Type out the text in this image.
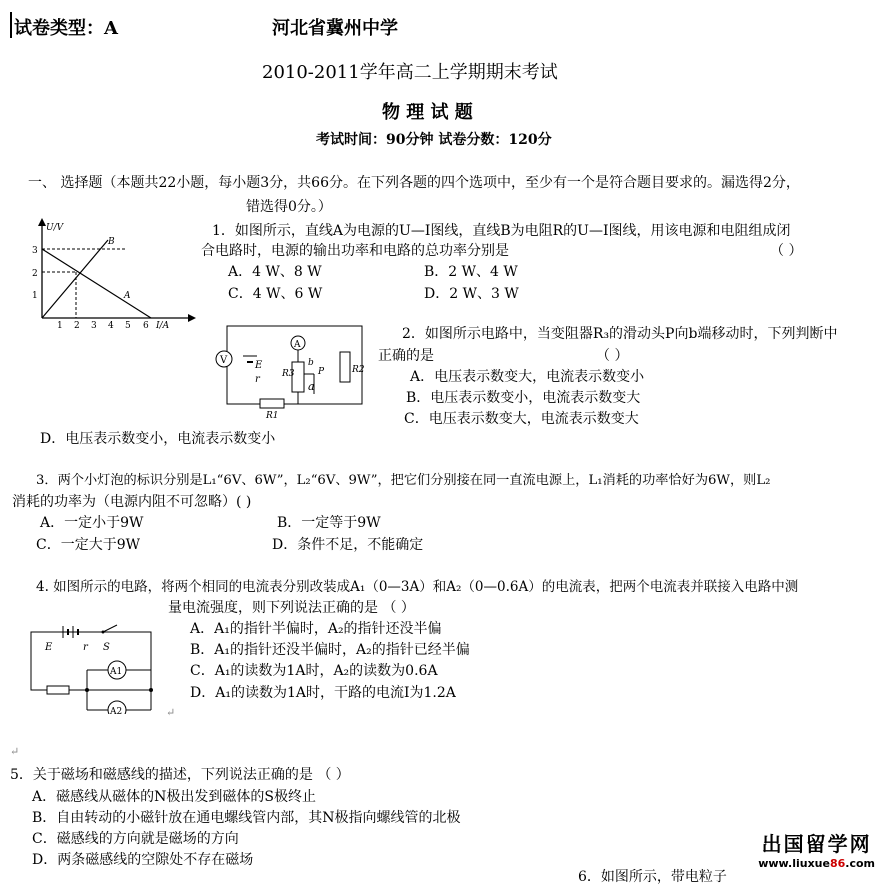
试卷类型：A	河北省冀州中学
2010-2011学年高二上学期期末考试
物 理 试 题
考试时间：90分钟 试卷分数：120分
一、 选择题（本题共22小题，每小题3分，共66分。在下列各题的四个选项中，至少有一个是符合题目要求的。漏选得2分，
错选得0分。）
U/V
I/A
3
2
1
1 2 3 4 5 6
A
B
1．如图所示，直线A为电源的U—I图线，直线B为电阻R的U—I图线，用该电源和电阻组成闭
合电路时，电源的输出功率和电路的总功率分别是	（ ）
A．4 W、8 W	B．2 W、4 W
C．4 W、6 W	D．2 W、3 W
V	E
r
A
R3
b
a
P	R2
R1
2．如图所示电路中，当变阻器R₃的滑动头P向b端移动时，下列判断中
正确的是	（ ）
A．电压表示数变大，电流表示数变小
B．电压表示数变小，电流表示数变大
C．电压表示数变大，电流表示数变大
D．电压表示数变小，电流表示数变小
3．两个小灯泡的标识分别是L₁“6V、6W”，L₂“6V、9W”，把它们分别接在同一直流电源上，L₁消耗的功率恰好为6W，则L₂
消耗的功率为（电源内阻不可忽略）( )
A．一定小于9W	B．一定等于9W
C．一定大于9W	D．条件不足，不能确定
4. 如图所示的电路，将两个相同的电流表分别改装成A₁（0—3A）和A₂（0—0.6A）的电流表，把两个电流表并联接入电路中测
量电流强度，则下列说法正确的是 （ ）
E	r S
A1
A2
A．A₁的指针半偏时，A₂的指针还没半偏
B．A₁的指针还没半偏时，A₂的指针已经半偏
C．A₁的读数为1A时，A₂的读数为0.6A
D．A₁的读数为1A时，干路的电流I为1.2A
↵
↵
5．关于磁场和磁感线的描述，下列说法正确的是 （ ）
A．磁感线从磁体的N极出发到磁体的S极终止
B．自由转动的小磁针放在通电螺线管内部，其N极指向螺线管的北极
C．磁感线的方向就是磁场的方向
D．两条磁感线的空隙处不存在磁场
6．如图所示，带电粒子
出国留学网
www.liuxue86.com
